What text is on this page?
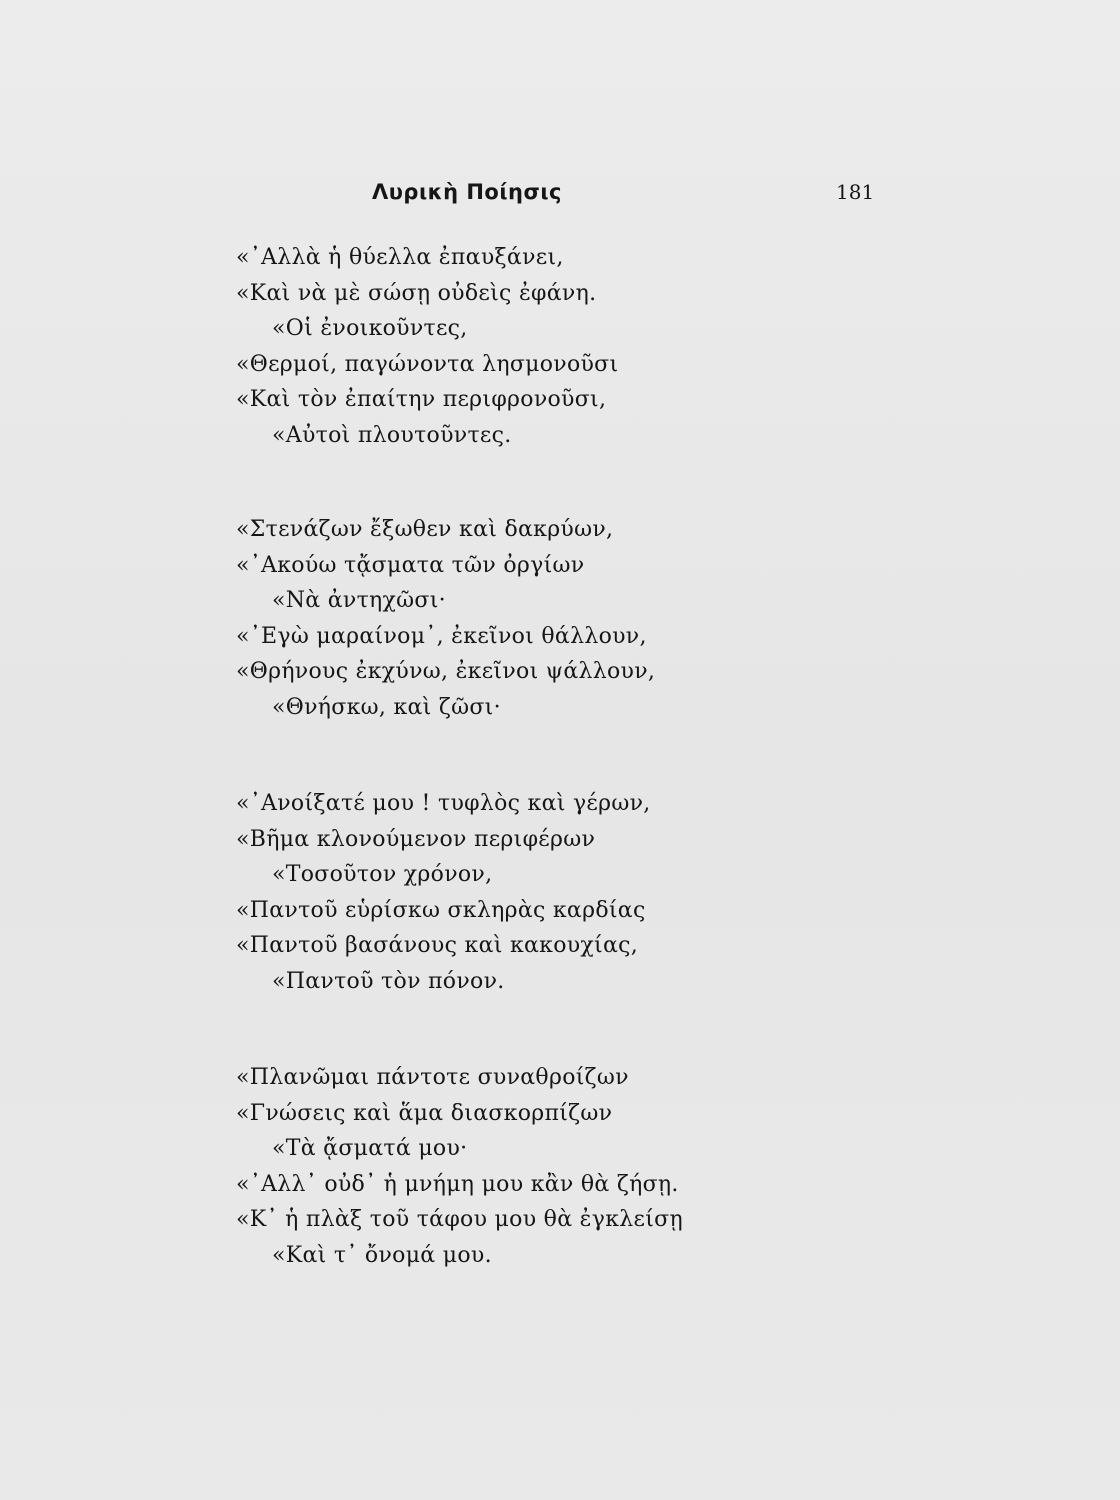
Λυρικὴ Ποίησις	181
«᾿Αλλὰ ἡ θύελλα ἐπαυξάνει,
«Καὶ νὰ μὲ σώσῃ οὐδεὶς ἐφάνη.
«Οἱ ἐνοικοῦντες,
«Θερμοί, παγώνοντα λησμονοῦσι
«Καὶ τὸν ἐπαίτην περιφρονοῦσι,
«Αὐτοὶ πλουτοῦντες.
«Στενάζων ἔξωθεν καὶ δακρύων,
«᾿Ακούω τᾄσματα τῶν ὀργίων
«Νὰ ἀντηχῶσι·
«᾿Εγὼ μαραίνομ᾿, ἐκεῖνοι θάλλουν,
«Θρήνους ἐκχύνω, ἐκεῖνοι ψάλλουν,
«Θνήσκω, καὶ ζῶσι·
«᾿Ανοίξατέ μου ! τυφλὸς καὶ γέρων,
«Βῆμα κλονούμενον περιφέρων
«Τοσοῦτον χρόνον,
«Παντοῦ εὑρίσκω σκληρὰς καρδίας
«Παντοῦ βασάνους καὶ κακουχίας,
«Παντοῦ τὸν πόνον.
«Πλανῶμαι πάντοτε συναθροίζων
«Γνώσεις καὶ ἅμα διασκορπίζων
«Τὰ ᾄσματά μου·
«᾿Αλλ᾿ οὐδ᾿ ἡ μνήμη μου κἂν θὰ ζήσῃ.
«Κ᾿ ἡ πλὰξ τοῦ τάφου μου θὰ ἐγκλείσῃ
«Καὶ τ᾿ ὄνομά μου.
